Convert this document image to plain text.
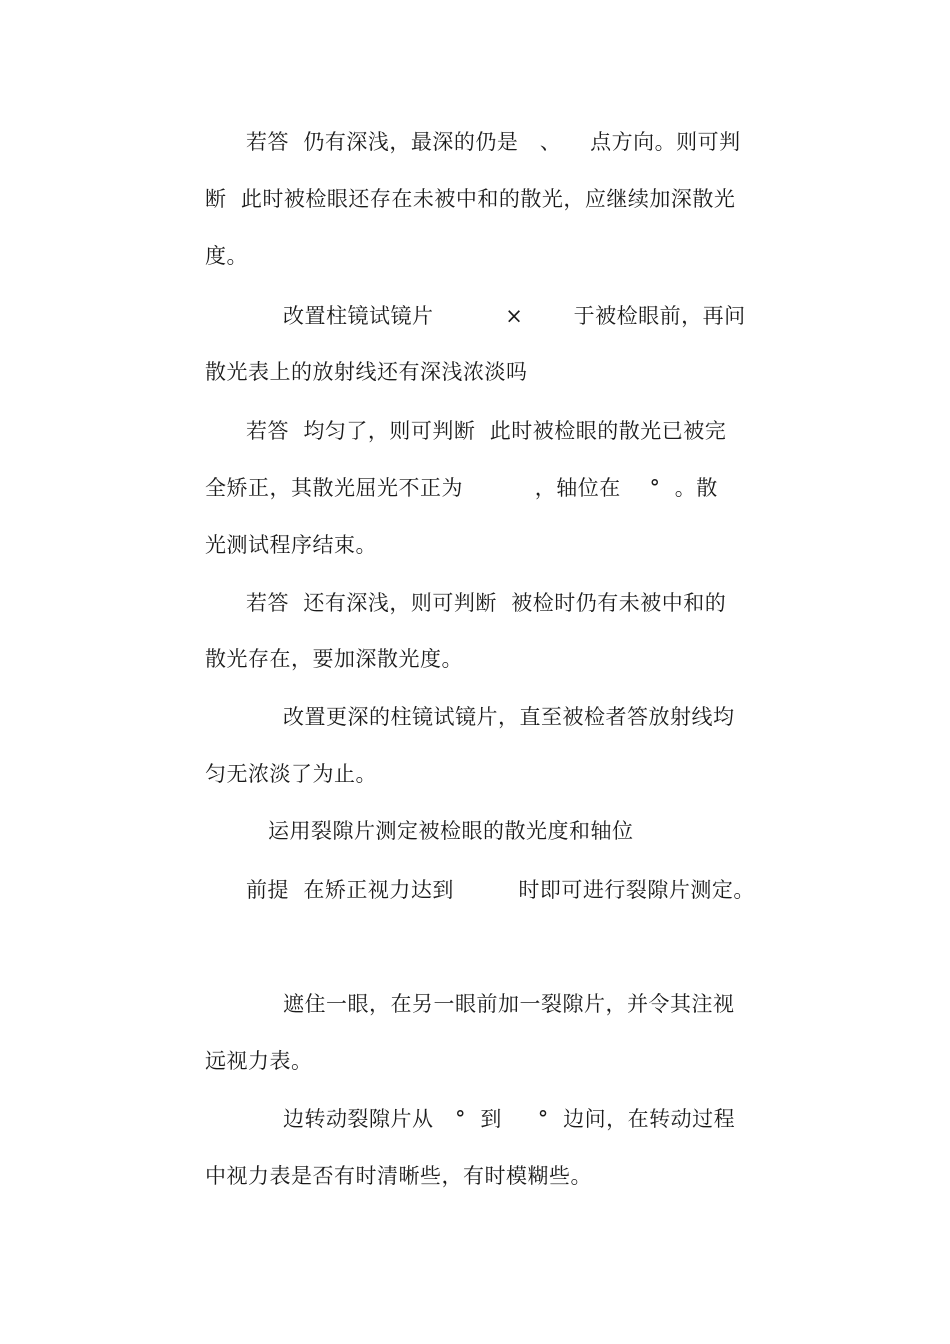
若答  仍有深浅，最深的仍是   、    点方向。则可判
断  此时被检眼还存在未被中和的散光，应继续加深散光
度。
改置柱镜试镜片          ×       于被检眼前，再问
散光表上的放射线还有深浅浓淡吗
若答  均匀了，则可判断  此时被检眼的散光已被完
全矫正，其散光屈光不正为          ，轴位在    °  。散
光测试程序结束。
若答  还有深浅，则可判断  被检时仍有未被中和的
散光存在，要加深散光度。
改置更深的柱镜试镜片，直至被检者答放射线均
匀无浓淡了为止。
运用裂隙片测定被检眼的散光度和轴位
前提  在矫正视力达到         时即可进行裂隙片测定。
遮住一眼，在另一眼前加一裂隙片，并令其注视
远视力表。
边转动裂隙片从   °  到     °  边问，在转动过程
中视力表是否有时清晰些，有时模糊些。
